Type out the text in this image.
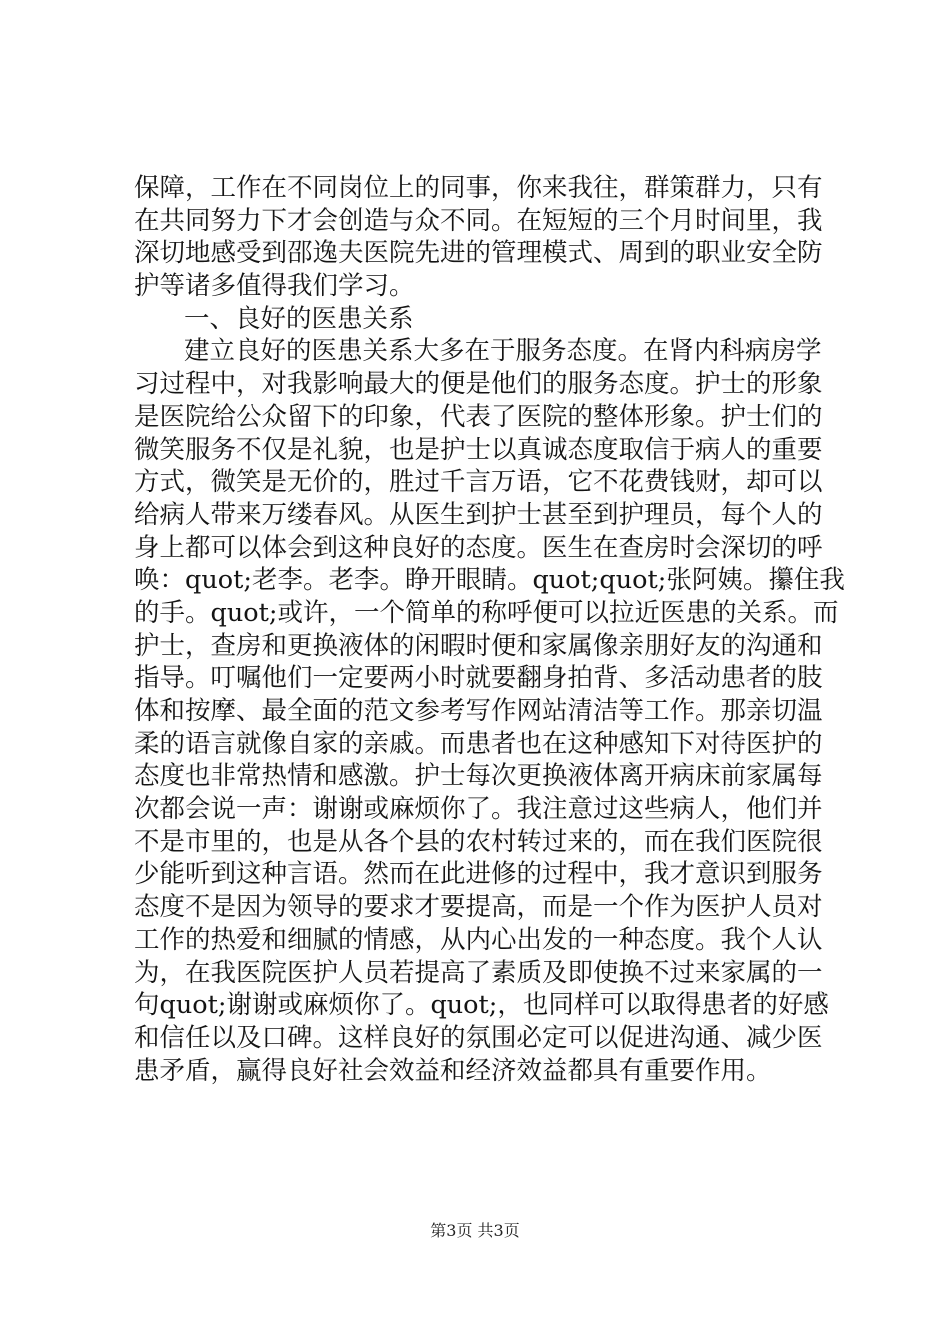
保障，工作在不同岗位上的同事，你来我往，群策群力，只有
在共同努力下才会创造与众不同。在短短的三个月时间里，我
深切地感受到邵逸夫医院先进的管理模式、周到的职业安全防
护等诸多值得我们学习。
一、良好的医患关系
建立良好的医患关系大多在于服务态度。在肾内科病房学
习过程中，对我影响最大的便是他们的服务态度。护士的形象
是医院给公众留下的印象，代表了医院的整体形象。护士们的
微笑服务不仅是礼貌，也是护士以真诚态度取信于病人的重要
方式，微笑是无价的，胜过千言万语，它不花费钱财，却可以
给病人带来万缕春风。从医生到护士甚至到护理员，每个人的
身上都可以体会到这种良好的态度。医生在查房时会深切的呼
唤：quot;老李。老李。睁开眼睛。quot;quot;张阿姨。攥住我
的手。quot;或许，一个简单的称呼便可以拉近医患的关系。而
护士，查房和更换液体的闲暇时便和家属像亲朋好友的沟通和
指导。叮嘱他们一定要两小时就要翻身拍背、多活动患者的肢
体和按摩、最全面的范文参考写作网站清洁等工作。那亲切温
柔的语言就像自家的亲戚。而患者也在这种感知下对待医护的
态度也非常热情和感激。护士每次更换液体离开病床前家属每
次都会说一声：谢谢或麻烦你了。我注意过这些病人，他们并
不是市里的，也是从各个县的农村转过来的，而在我们医院很
少能听到这种言语。然而在此进修的过程中，我才意识到服务
态度不是因为领导的要求才要提高，而是一个作为医护人员对
工作的热爱和细腻的情感，从内心出发的一种态度。我个人认
为，在我医院医护人员若提高了素质及即使换不过来家属的一
句quot;谢谢或麻烦你了。quot;，也同样可以取得患者的好感
和信任以及口碑。这样良好的氛围必定可以促进沟通、减少医
患矛盾，赢得良好社会效益和经济效益都具有重要作用。
第3页 共3页
